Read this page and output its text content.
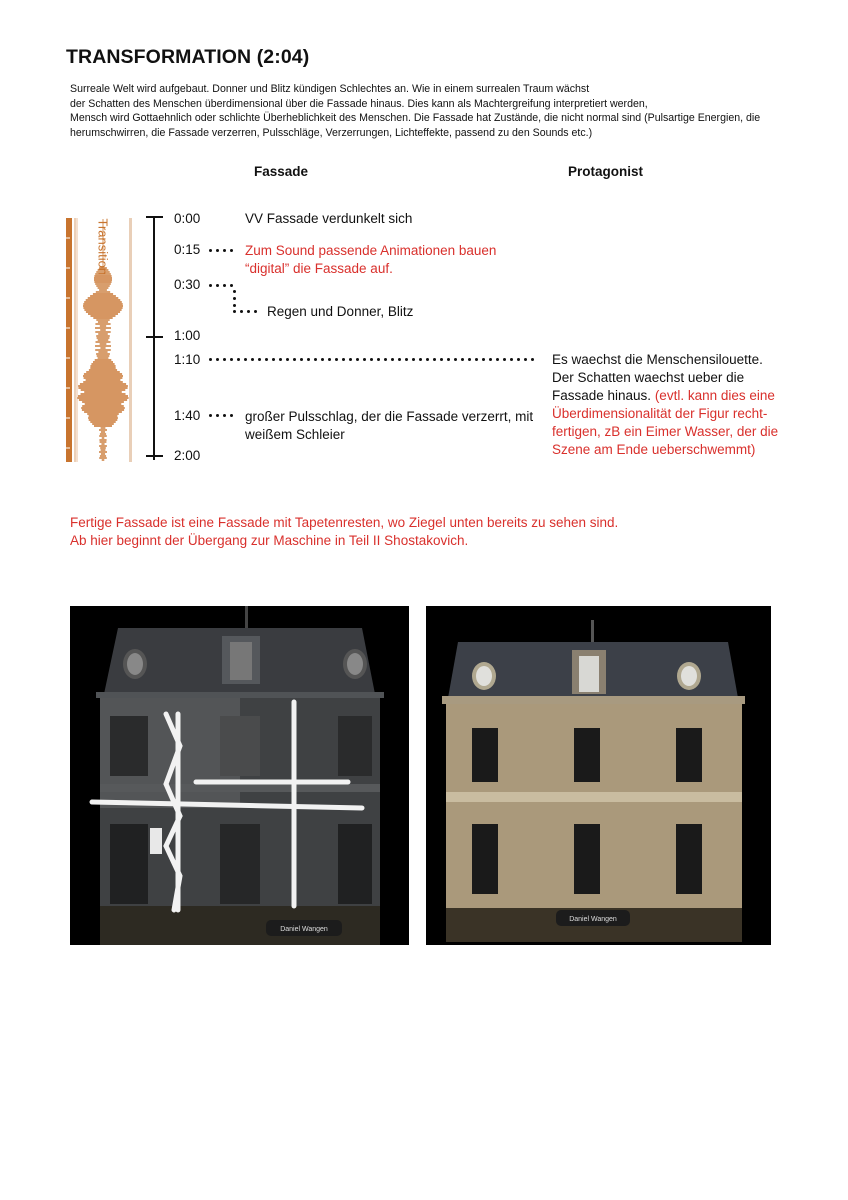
TRANSFORMATION (2:04)
Surreale Welt wird aufgebaut. Donner und Blitz kündigen Schlechtes an. Wie in einem surrealen Traum wächst
der Schatten des Menschen überdimensional über die Fassade hinaus. Dies kann als Machtergreifung interpretiert werden,
Mensch wird Gottaehnlich oder schlichte Überheblichkeit des Menschen. Die Fassade hat Zustände, die nicht normal sind (Pulsartige Energien, die
herumschwirren, die Fassade verzerren, Pulsschläge, Verzerrungen, Lichteffekte, passend zu den Sounds etc.)
Fassade	Protagonist
Transition	0:00
0:15
0:30
1:00
1:10
1:40
2:00
VV Fassade verdunkelt sich
Zum Sound passende Animationen bauen
“digital” die Fassade auf.
Regen und Donner, Blitz
großer Pulsschlag, der die Fassade verzerrt, mit
weißem Schleier
Es waechst die Menschensilouette.
Der Schatten waechst ueber die
Fassade hinaus. (evtl. kann dies eine
Überdimensionalität der Figur recht-
fertigen, zB ein Eimer Wasser, der die
Szene am Ende ueberschwemmt)
Fertige Fassade ist eine Fassade mit Tapetenresten, wo Ziegel unten bereits zu sehen sind.
Ab hier beginnt der Übergang zur Maschine in Teil II Shostakovich.
Daniel Wangen
Daniel Wangen
